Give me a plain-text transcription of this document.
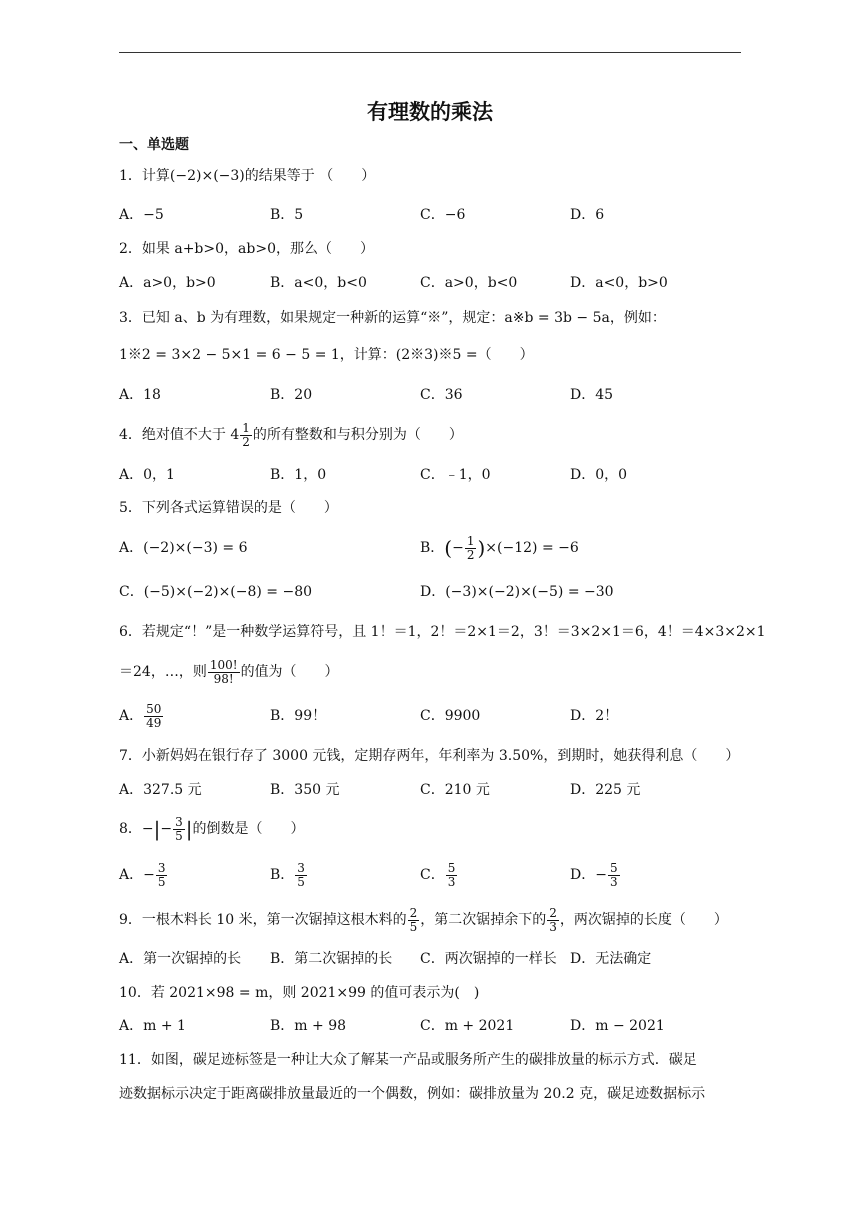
有理数的乘法
一、单选题
1．计算(−2)×(−3)的结果等于 （　　）
A．−5	B．5	C．−6	D．6
2．如果 a+b>0，ab>0，那么（　　）
A．a>0，b>0	B．a<0，b<0	C．a>0，b<0	D．a<0，b>0
3．已知 a、b 为有理数，如果规定一种新的运算“※”，规定：a※b = 3b − 5a，例如：
1※2 = 3×2 − 5×1 = 6 − 5 = 1，计算：(2※3)※5 =（　　）
A．18	B．20	C．36	D．45
4．绝对值不大于 $4 \frac{1}{2}$ 的所有整数和与积分别为（　　）
A．0，1	B．1，0	C．﹣1，0	D．0，0
5．下列各式运算错误的是（　　）
A．(−2)×(−3) = 6	B．(− $\frac{1}{2} )\times(-12) = -6$
C．(−5)×(−2)×(−8) = −80	D．(−3)×(−2)×(−5) = −30
6．若规定“！”是一种数学运算符号，且 1！＝1，2！＝2×1＝2，3！＝3×2×1＝6，4！＝4×3×2×1
＝24，…，则 $\frac{100!}{98!}$ 的值为（　　）
A． $\frac{50}{49}$	B．99！	C．9900	D．2！
7．小新妈妈在银行存了 3000 元钱，定期存两年，年利率为 3.50%，到期时，她获得利息（　　）
A．327.5 元	B．350 元	C．210 元	D．225 元
8．−|− $\frac{3}{5}$ |的倒数是（　　）
A．− $\frac{3}{5}$	B． $\frac{3}{5}$	C． $\frac{5}{3}$	D．− $\frac{5}{3}$
9．一根木料长 10 米，第一次锯掉这根木料的 $\frac{2}{5}$ ，第二次锯掉余下的 $\frac{2}{3}$ ，两次锯掉的长度（　　）
A．第一次锯掉的长 B．第二次锯掉的长 C．两次锯掉的一样长 D．无法确定
10．若 2021×98 = m，则 2021×99 的值可表示为(　)
A．m + 1	B．m + 98	C．m + 2021	D．m − 2021
11．如图，碳足迹标签是一种让大众了解某一产品或服务所产生的碳排放量的标示方式．碳足
迹数据标示决定于距离碳排放量最近的一个偶数，例如：碳排放量为 20.2 克，碳足迹数据标示
